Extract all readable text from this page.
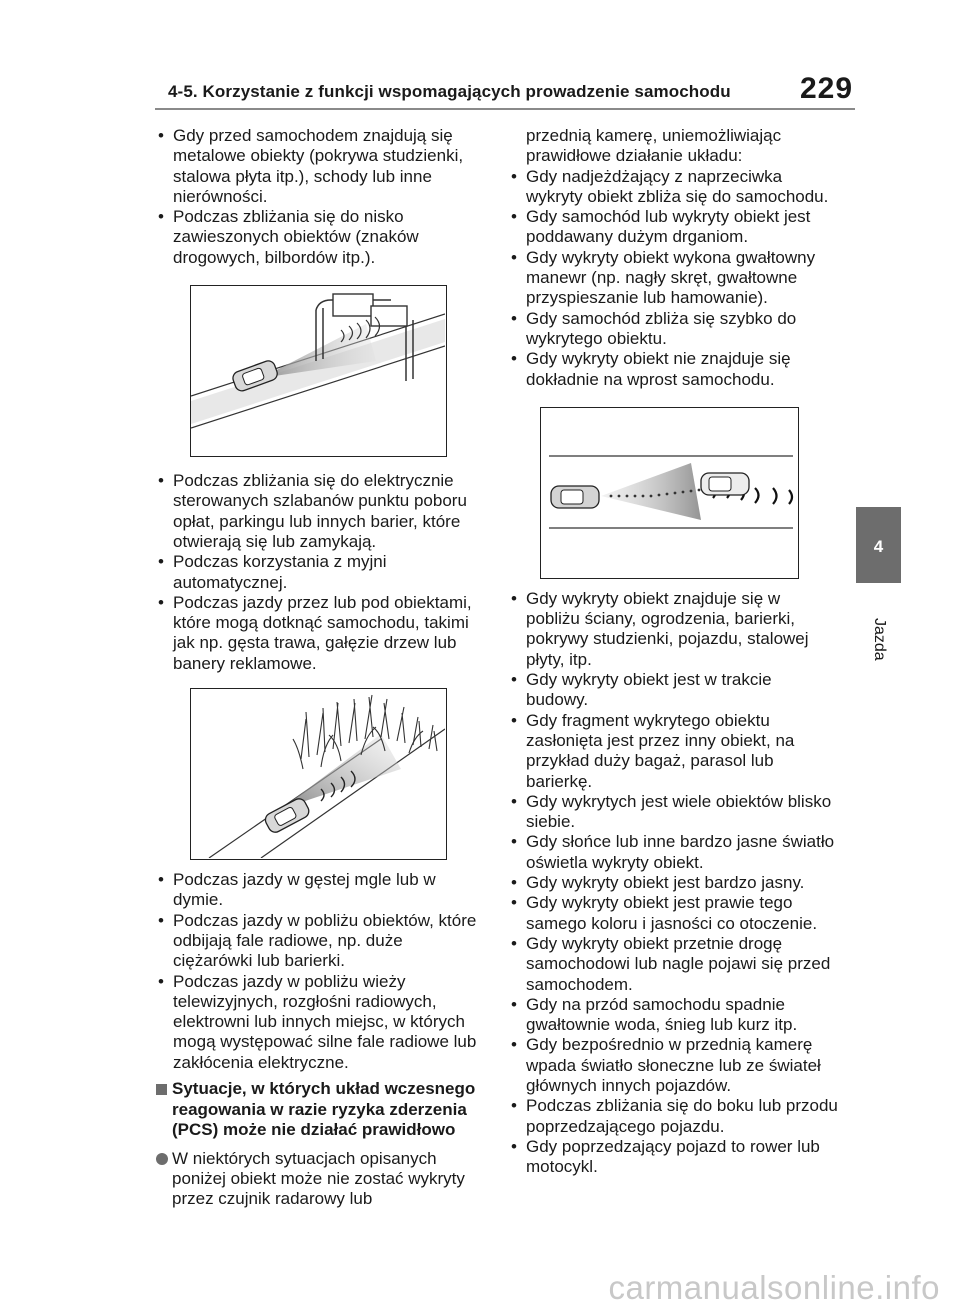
4-5. Korzystanie z funkcji wspomagających prowadzenie samochodu 229
4
Jazda
• Gdy przed samochodem znajdują się metalowe obiekty (pokrywa studzienki, stalowa płyta itp.), schody lub inne nierówności.
• Podczas zbliżania się do nisko zawieszonych obiektów (znaków drogowych, bilbordów itp.).
• Podczas zbliżania się do elektrycznie sterowanych szlabanów punktu poboru opłat, parkingu lub innych barier, które otwierają się lub zamykają.
• Podczas korzystania z myjni automatycznej.
• Podczas jazdy przez lub pod obiektami, które mogą dotknąć samochodu, takimi jak np. gęsta trawa, gałęzie drzew lub banery reklamowe.
• Podczas jazdy w gęstej mgle lub w dymie.
• Podczas jazdy w pobliżu obiektów, które odbijają fale radiowe, np. duże ciężarówki lub barierki.
• Podczas jazdy w pobliżu wieży telewizyjnych, rozgłośni radiowych, elektrowni lub innych miejsc, w których mogą występować silne fale radiowe lub zakłócenia elektryczne.
Sytuacje, w których układ wczesnego reagowania w razie ryzyka zderzenia (PCS) może nie działać prawidłowo
W niektórych sytuacjach opisanych poniżej obiekt może nie zostać wykryty przez czujnik radarowy lub
przednią kamerę, uniemożliwiając prawidłowe działanie układu:
• Gdy nadjeżdżający z naprzeciwka wykryty obiekt zbliża się do samochodu.
• Gdy samochód lub wykryty obiekt jest poddawany dużym drganiom.
• Gdy wykryty obiekt wykona gwałtowny manewr (np. nagły skręt, gwałtowne przyspieszanie lub hamowanie).
• Gdy samochód zbliża się szybko do wykrytego obiektu.
• Gdy wykryty obiekt nie znajduje się dokładnie na wprost samochodu.
• Gdy wykryty obiekt znajduje się w pobliżu ściany, ogrodzenia, barierki, pokrywy studzienki, pojazdu, stalowej płyty, itp.
• Gdy wykryty obiekt jest w trakcie budowy.
• Gdy fragment wykrytego obiektu zasłonięta jest przez inny obiekt, na przykład duży bagaż, parasol lub barierkę.
• Gdy wykrytych jest wiele obiektów blisko siebie.
• Gdy słońce lub inne bardzo jasne światło oświetla wykryty obiekt.
• Gdy wykryty obiekt jest bardzo jasny.
• Gdy wykryty obiekt jest prawie tego samego koloru i jasności co otoczenie.
• Gdy wykryty obiekt przetnie drogę samochodowi lub nagle pojawi się przed samochodem.
• Gdy na przód samochodu spadnie gwałtownie woda, śnieg lub kurz itp.
• Gdy bezpośrednio w przednią kamerę wpada światło słoneczne lub ze świateł głównych innych pojazdów.
• Podczas zbliżania się do boku lub przodu poprzedzającego pojazdu.
• Gdy poprzedzający pojazd to rower lub motocykl.
carmanualsonline.info
